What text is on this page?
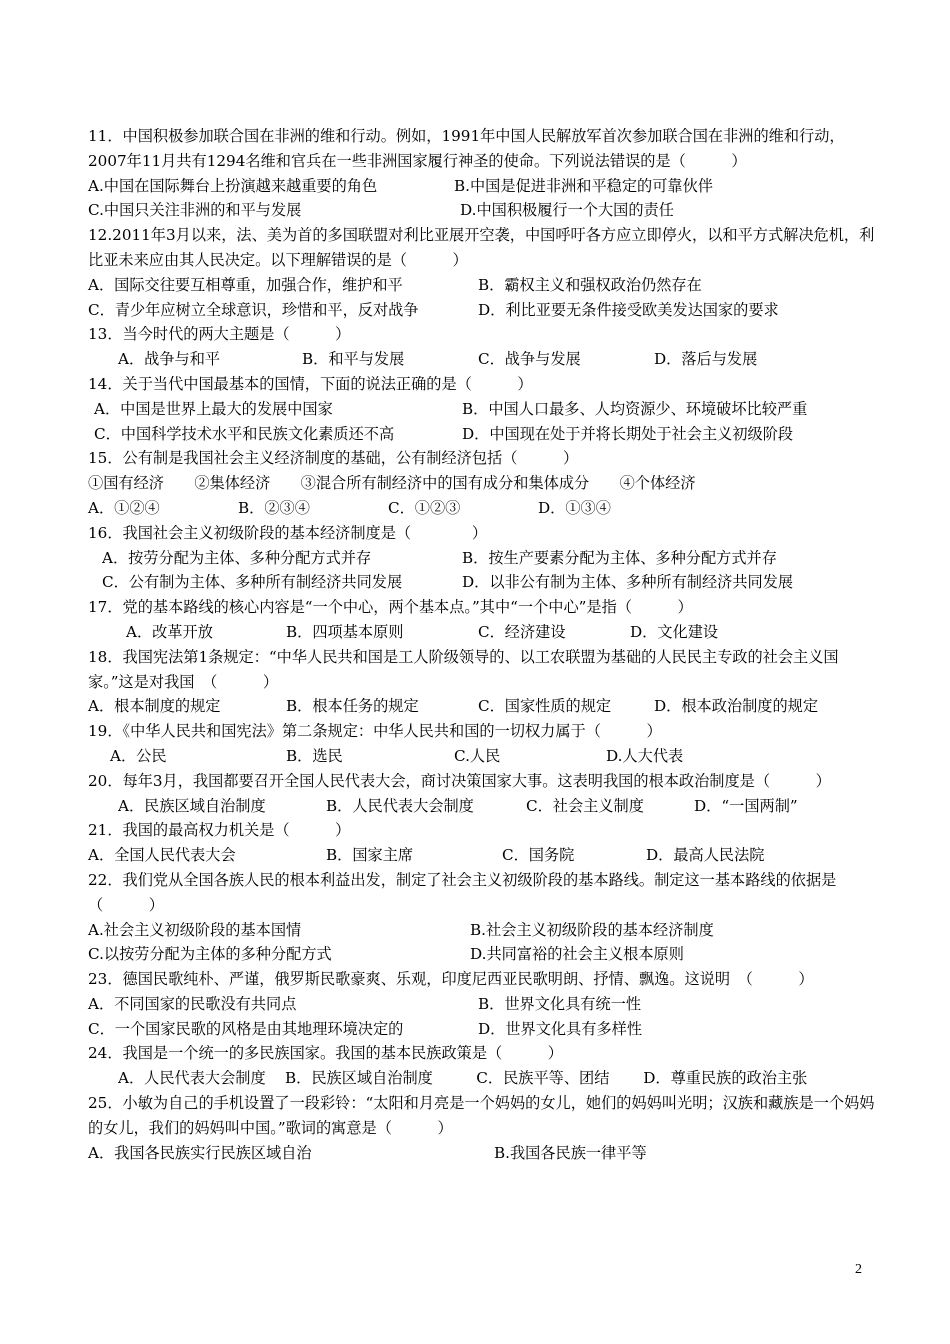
11．中国积极参加联合国在非洲的维和行动。例如，1991年中国人民解放军首次参加联合国在非洲的维和行动，2007年11月共有1294名维和官兵在一些非洲国家履行神圣的使命。下列说法错误的是（　　　）
A.中国在国际舞台上扮演越来越重要的角色	B.中国是促进非洲和平稳定的可靠伙伴
C.中国只关注非洲的和平与发展	D.中国积极履行一个大国的责任
12.2011年3月以来，法、美为首的多国联盟对利比亚展开空袭，中国呼吁各方应立即停火，以和平方式解决危机，利比亚未来应由其人民决定。以下理解错误的是（　　　）
A．国际交往要互相尊重，加强合作，维护和平	B．霸权主义和强权政治仍然存在
C．青少年应树立全球意识，珍惜和平，反对战争	D．利比亚要无条件接受欧美发达国家的要求
13．当今时代的两大主题是（　　　）
A．战争与和平	B．和平与发展	C．战争与发展	D．落后与发展
14．关于当代中国最基本的国情，下面的说法正确的是（　　　）
A．中国是世界上最大的发展中国家	B．中国人口最多、人均资源少、环境破坏比较严重
C．中国科学技术水平和民族文化素质还不高	D．中国现在处于并将长期处于社会主义初级阶段
15．公有制是我国社会主义经济制度的基础，公有制经济包括（　　　）
①国有经济　　②集体经济　　③混合所有制经济中的国有成分和集体成分　　④个体经济
A．①②④	B．②③④	C．①②③	D．①③④
16．我国社会主义初级阶段的基本经济制度是（　　　　）
A．按劳分配为主体、多种分配方式并存	B．按生产要素分配为主体、多种分配方式并存
C．公有制为主体、多种所有制经济共同发展	D．以非公有制为主体、多种所有制经济共同发展
17．党的基本路线的核心内容是“一个中心，两个基本点。”其中“一个中心”是指（　　　）
A．改革开放	B．四项基本原则	C．经济建设	D．文化建设
18．我国宪法第1条规定：“中华人民共和国是工人阶级领导的、以工农联盟为基础的人民民主专政的社会主义国家。”这是对我国　（　　　）
A．根本制度的规定	B．根本任务的规定	C．国家性质的规定	D．根本政治制度的规定
19．《中华人民共和国宪法》第二条规定：中华人民共和国的一切权力属于（　　　）
A．公民	B．选民	C.人民	D.人大代表
20．每年3月，我国都要召开全国人民代表大会，商讨决策国家大事。这表明我国的根本政治制度是（　　　）
A．民族区域自治制度	B．人民代表大会制度	C．社会主义制度	D．“一国两制”
21．我国的最高权力机关是（　　　）
A．全国人民代表大会	B．国家主席	C．国务院	D．最高人民法院
22．我们党从全国各族人民的根本利益出发，制定了社会主义初级阶段的基本路线。制定这一基本路线的依据是（　　　）
A.社会主义初级阶段的基本国情	B.社会主义初级阶段的基本经济制度
C.以按劳分配为主体的多种分配方式	D.共同富裕的社会主义根本原则
23．德国民歌纯朴、严谨，俄罗斯民歌豪爽、乐观，印度尼西亚民歌明朗、抒情、飘逸。这说明　（　　　）
A．不同国家的民歌没有共同点	B．世界文化具有统一性
C．一个国家民歌的风格是由其地理环境决定的	D．世界文化具有多样性
24．我国是一个统一的多民族国家。我国的基本民族政策是（　　　）
A．人民代表大会制度 B．民族区域自治制度	C．民族平等、团结 D．尊重民族的政治主张
25．小敏为自己的手机设置了一段彩铃：“太阳和月亮是一个妈妈的女儿，她们的妈妈叫光明；汉族和藏族是一个妈妈的女儿，我们的妈妈叫中国。”歌词的寓意是（　　　）
A．我国各民族实行民族区域自治	B.我国各民族一律平等
2
